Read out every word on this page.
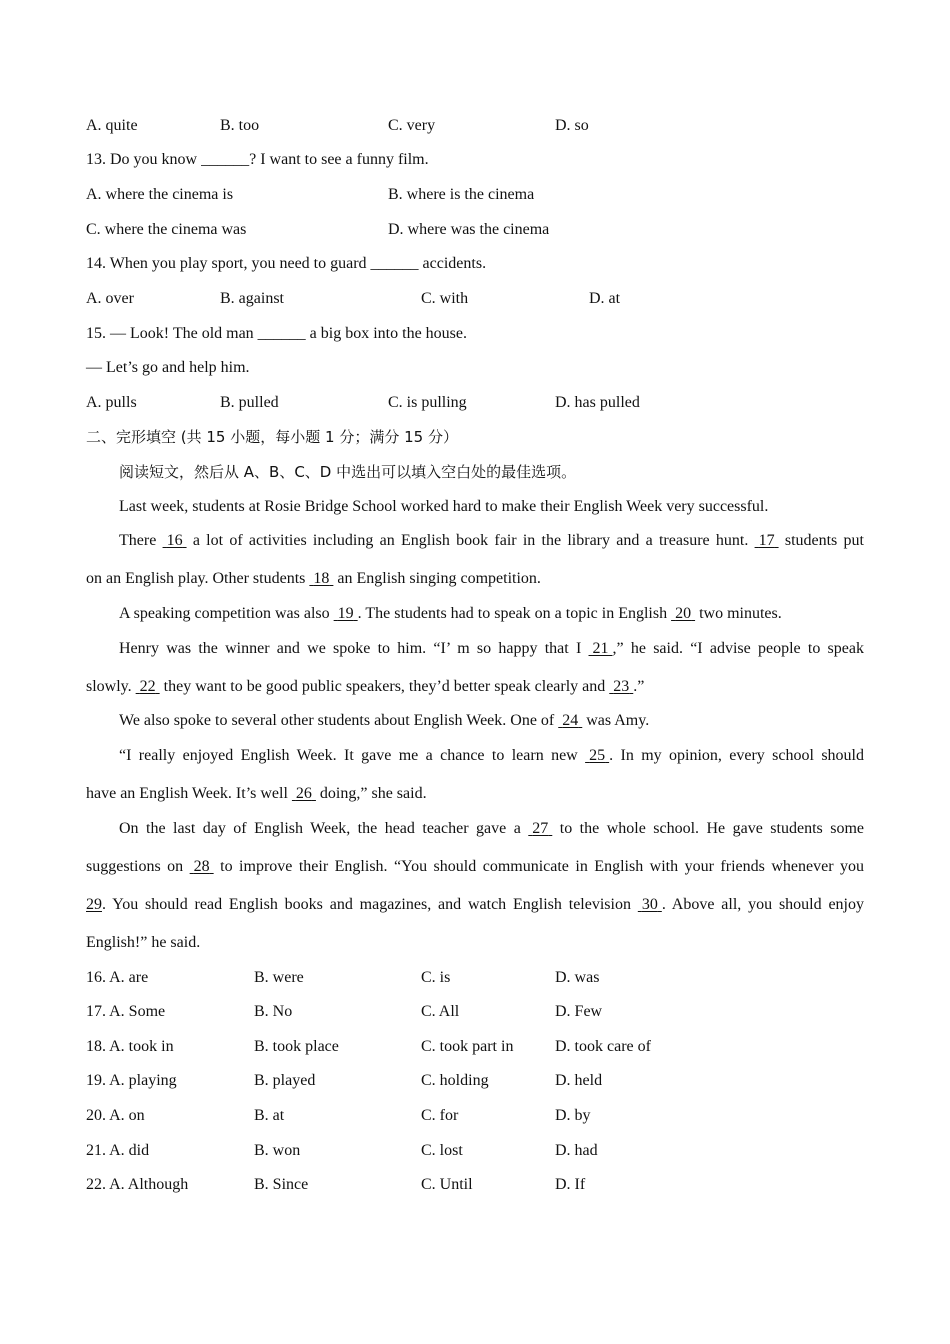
A. quite	B. too	C. very	D. so
13. Do you know ______? I want to see a funny film.
A. where the cinema is	B. where is the cinema
C. where the cinema was	D. where was the cinema
14. When you play sport, you need to guard ______ accidents.
A. over	B. against	C. with	D. at
15. — Look! The old man ______ a big box into the house.
— Let’s go and help him.
A. pulls	B. pulled	C. is pulling	D. has pulled
二、完形填空 (共 15 小题，每小题 1 分；满分 15 分）
阅读短文，然后从 A、B、C、D 中选出可以填入空白处的最佳选项。
Last week, students at Rosie Bridge School worked hard to make their English Week very successful.
There  16  a lot of activities including an English book fair in the library and a treasure hunt.  17  students put
on an English play. Other students  18  an English singing competition.
A speaking competition was also  19 . The students had to speak on a topic in English  20  two minutes.
Henry was the winner and we spoke to him. “I’ m so happy that I  21 ,” he said. “I advise people to speak
slowly.  22  they want to be good public speakers, they’d better speak clearly and  23 .”
We also spoke to several other students about English Week. One of  24  was Amy.
“I really enjoyed English Week. It gave me a chance to learn new  25 . In my opinion, every school should
have an English Week. It’s well  26  doing,” she said.
On the last day of English Week, the head teacher gave a  27  to the whole school. He gave students some
suggestions on  28  to improve their English. “You should communicate in English with your friends whenever you
29. You should read English books and magazines, and watch English television  30 . Above all, you should enjoy
English!” he said.
16. A. are	B. were	C. is	D. was
17. A. Some	B. No	C. All	D. Few
18. A. took in	B. took place	C. took part in	D. took care of
19. A. playing	B. played	C. holding	D. held
20. A. on	B. at	C. for	D. by
21. A. did	B. won	C. lost	D. had
22. A. Although	B. Since	C. Until	D. If
